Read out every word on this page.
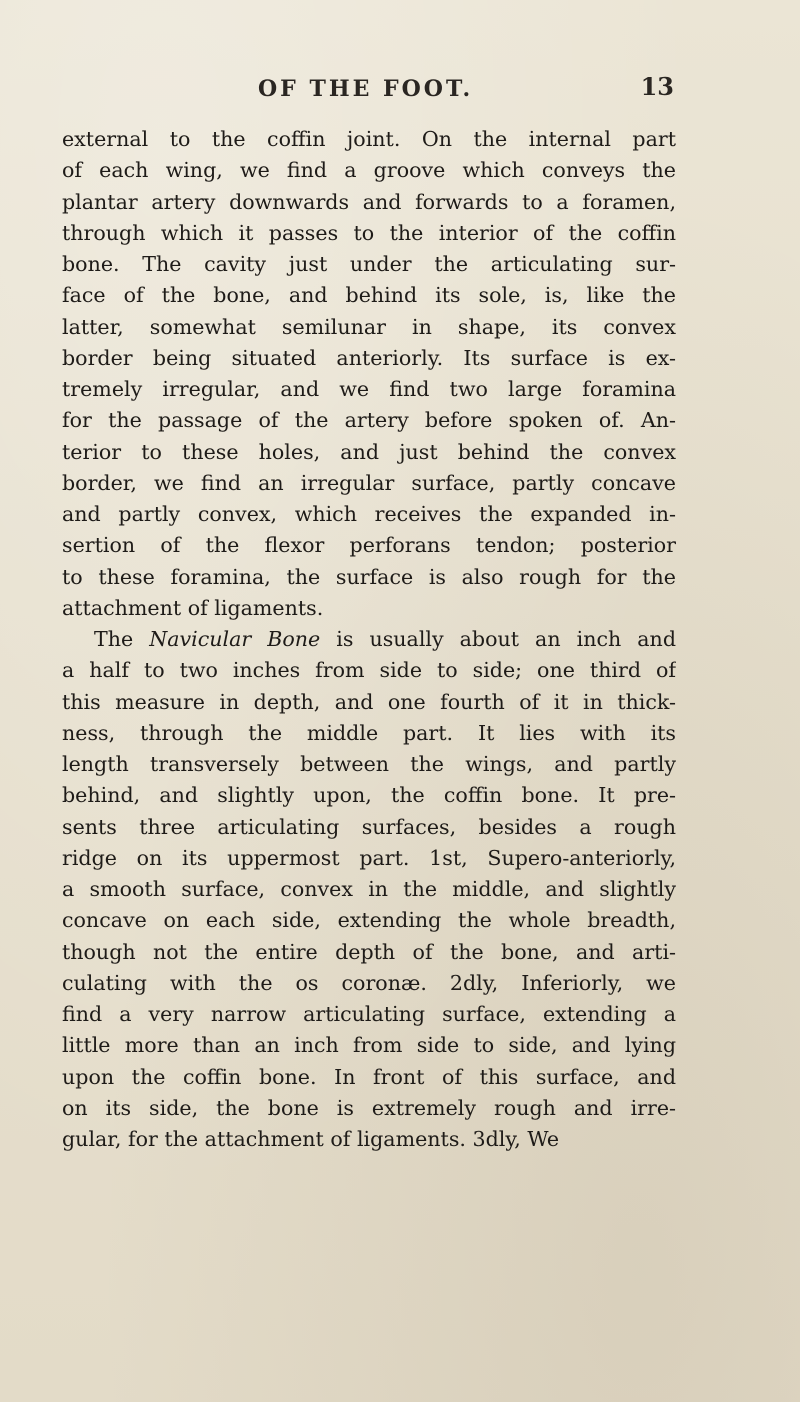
OF THE FOOT.	13
external to the coffin joint. On the internal part
of each wing, we find a groove which conveys the
plantar artery downwards and forwards to a foramen,
through which it passes to the interior of the coffin
bone. The cavity just under the articulating sur-
face of the bone, and behind its sole, is, like the
latter, somewhat semilunar in shape, its convex
border being situated anteriorly. Its surface is ex-
tremely irregular, and we find two large foramina
for the passage of the artery before spoken of. An-
terior to these holes, and just behind the convex
border, we find an irregular surface, partly concave
and partly convex, which receives the expanded in-
sertion of the flexor perforans tendon; posterior
to these foramina, the surface is also rough for the
attachment of ligaments.
The Navicular Bone is usually about an inch and
a half to two inches from side to side; one third of
this measure in depth, and one fourth of it in thick-
ness, through the middle part. It lies with its
length transversely between the wings, and partly
behind, and slightly upon, the coffin bone. It pre-
sents three articulating surfaces, besides a rough
ridge on its uppermost part. 1st, Supero-anteriorly,
a smooth surface, convex in the middle, and slightly
concave on each side, extending the whole breadth,
though not the entire depth of the bone, and arti-
culating with the os coronæ. 2dly, Inferiorly, we
find a very narrow articulating surface, extending a
little more than an inch from side to side, and lying
upon the coffin bone. In front of this surface, and
on its side, the bone is extremely rough and irre-
gular, for the attachment of ligaments. 3dly, We
